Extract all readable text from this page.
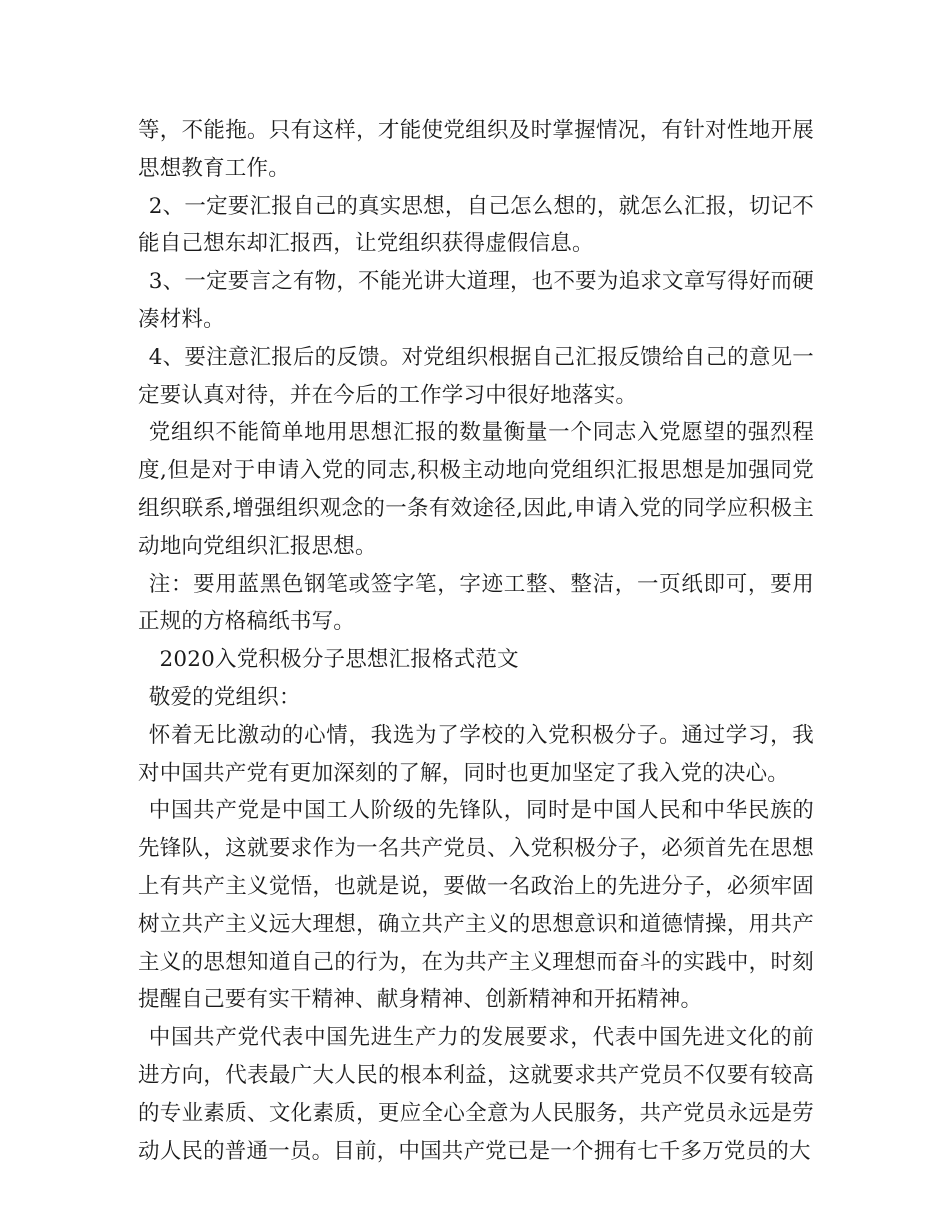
等，不能拖。只有这样，才能使党组织及时掌握情况，有针对性地开展思想教育工作。

2、一定要汇报自己的真实思想，自己怎么想的，就怎么汇报，切记不能自己想东却汇报西，让党组织获得虚假信息。

3、一定要言之有物，不能光讲大道理，也不要为追求文章写得好而硬凑材料。

4、要注意汇报后的反馈。对党组织根据自己汇报反馈给自己的意见一定要认真对待，并在今后的工作学习中很好地落实。

党组织不能简单地用思想汇报的数量衡量一个同志入党愿望的强烈程度,但是对于申请入党的同志,积极主动地向党组织汇报思想是加强同党组织联系,增强组织观念的一条有效途径,因此,申请入党的同学应积极主动地向党组织汇报思想。

注：要用蓝黑色钢笔或签字笔，字迹工整、整洁，一页纸即可，要用正规的方格稿纸书写。

2020入党积极分子思想汇报格式范文

敬爱的党组织：

怀着无比激动的心情，我选为了学校的入党积极分子。通过学习，我对中国共产党有更加深刻的了解，同时也更加坚定了我入党的决心。

中国共产党是中国工人阶级的先锋队，同时是中国人民和中华民族的先锋队，这就要求作为一名共产党员、入党积极分子，必须首先在思想上有共产主义觉悟，也就是说，要做一名政治上的先进分子，必须牢固树立共产主义远大理想，确立共产主义的思想意识和道德情操，用共产主义的思想知道自己的行为，在为共产主义理想而奋斗的实践中，时刻提醒自己要有实干精神、献身精神、创新精神和开拓精神。

中国共产党代表中国先进生产力的发展要求，代表中国先进文化的前进方向，代表最广大人民的根本利益，这就要求共产党员不仅要有较高的专业素质、文化素质，更应全心全意为人民服务，共产党员永远是劳动人民的普通一员。目前，中国共产党已是一个拥有七千多万党员的大
